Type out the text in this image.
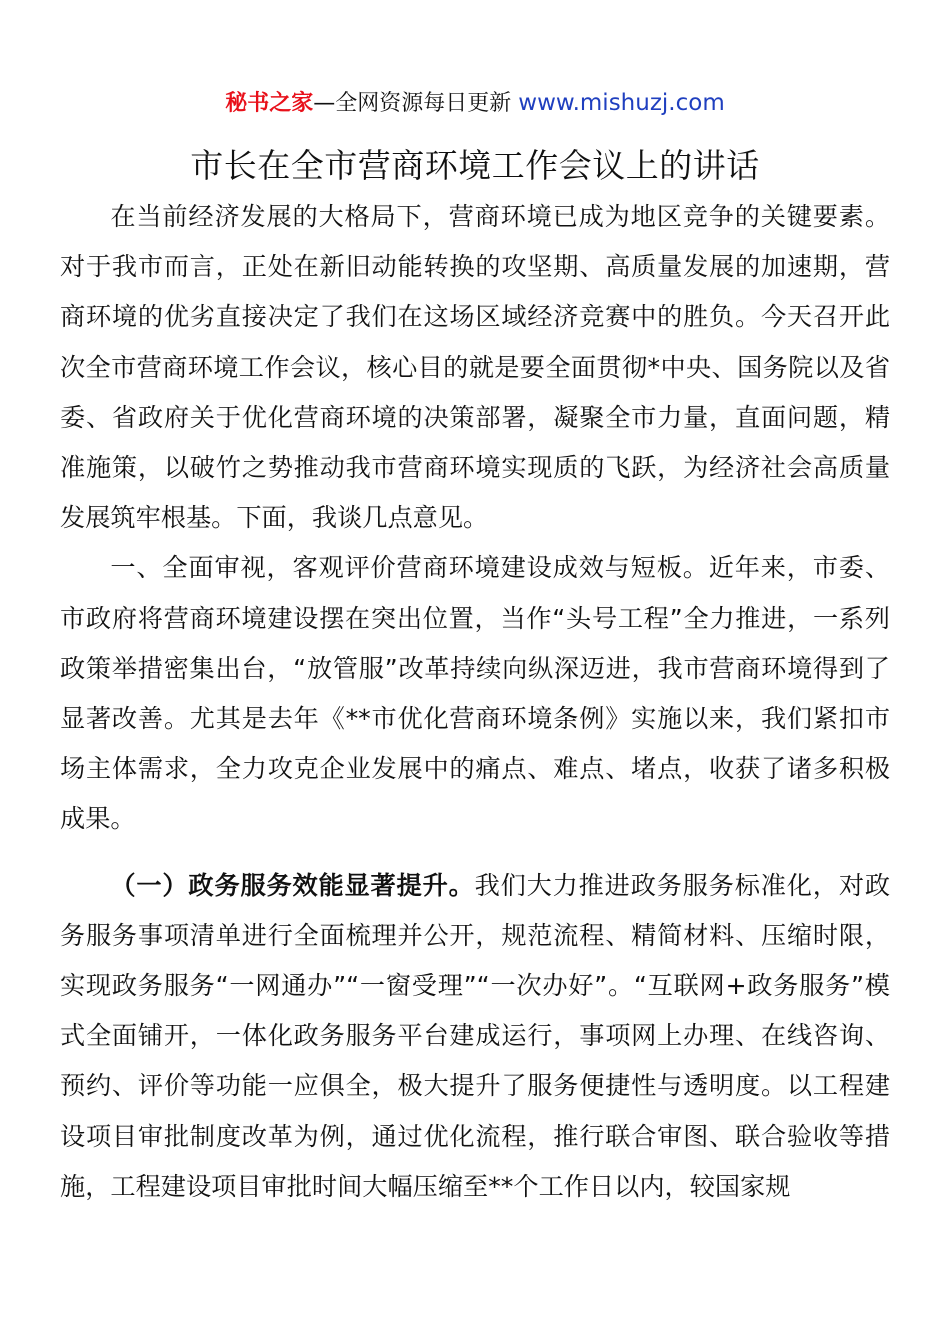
秘书之家—全网资源每日更新 www.mishuzj.com
市长在全市营商环境工作会议上的讲话

在当前经济发展的大格局下，营商环境已成为地区竞争的关键要素。对于我市而言，正处在新旧动能转换的攻坚期、高质量发展的加速期，营商环境的优劣直接决定了我们在这场区域经济竞赛中的胜负。今天召开此次全市营商环境工作会议，核心目的就是要全面贯彻*中央、国务院以及省委、省政府关于优化营商环境的决策部署，凝聚全市力量，直面问题，精准施策，以破竹之势推动我市营商环境实现质的飞跃，为经济社会高质量发展筑牢根基。下面，我谈几点意见。

一、全面审视，客观评价营商环境建设成效与短板。近年来，市委、市政府将营商环境建设摆在突出位置，当作“头号工程”全力推进，一系列政策举措密集出台，“放管服”改革持续向纵深迈进，我市营商环境得到了显著改善。尤其是去年《**市优化营商环境条例》实施以来，我们紧扣市场主体需求，全力攻克企业发展中的痛点、难点、堵点，收获了诸多积极成果。

（一）政务服务效能显著提升。我们大力推进政务服务标准化，对政务服务事项清单进行全面梳理并公开，规范流程、精简材料、压缩时限，实现政务服务“一网通办”“一窗受理”“一次办好”。“互联网+政务服务”模式全面铺开，一体化政务服务平台建成运行，事项网上办理、在线咨询、预约、评价等功能一应俱全，极大提升了服务便捷性与透明度。以工程建设项目审批制度改革为例，通过优化流程，推行联合审图、联合验收等措施，工程建设项目审批时间大幅压缩至**个工作日以内，较国家规
